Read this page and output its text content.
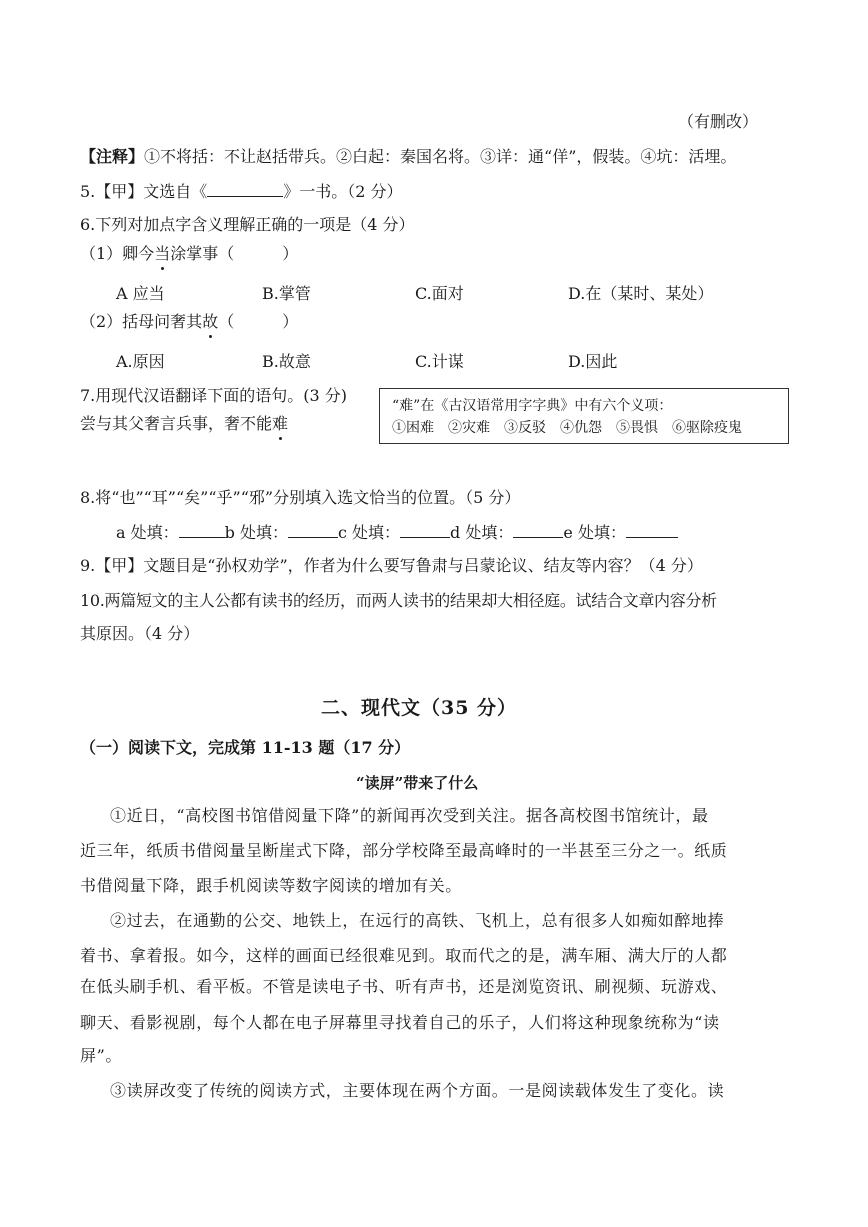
（有删改）
【注释】①不将括：不让赵括带兵。②白起：秦国名将。③详：通“佯”，假装。④坑：活埋。
5.【甲】文选自《	》一书。（2 分）
6.下列对加点字含义理解正确的一项是（4 分）
（1）卿今当涂掌事（　　　）
A 应当	B.掌管	C.面对	D.在（某时、某处）
（2）括母问奢其故（　　　）
A.原因	B.故意	C.计谋	D.因此
7.用现代汉语翻译下面的语句。(3 分)
尝与其父奢言兵事，奢不能难
“难”在《古汉语常用字字典》中有六个义项：
①困难　②灾难　③反驳　④仇怨　⑤畏惧　⑥驱除疫鬼
8.将“也”“耳”“矣”“乎”“邪”分别填入选文恰当的位置。（5 分）
a 处填：	b 处填：	c 处填：	d 处填：	e 处填：
9.【甲】文题目是“孙权劝学”，作者为什么要写鲁肃与吕蒙论议、结友等内容？（4 分）
10.两篇短文的主人公都有读书的经历，而两人读书的结果却大相径庭。试结合文章内容分析
其原因。（4 分）
二、现代文（35 分）
（一）阅读下文，完成第 11-13 题（17 分）
“读屏”带来了什么
①近日，“高校图书馆借阅量下降”的新闻再次受到关注。据各高校图书馆统计，最
近三年，纸质书借阅量呈断崖式下降，部分学校降至最高峰时的一半甚至三分之一。纸质
书借阅量下降，跟手机阅读等数字阅读的增加有关。
②过去，在通勤的公交、地铁上，在远行的高铁、飞机上，总有很多人如痴如醉地捧
着书、拿着报。如今，这样的画面已经很难见到。取而代之的是，满车厢、满大厅的人都
在低头刷手机、看平板。不管是读电子书、听有声书，还是浏览资讯、刷视频、玩游戏、
聊天、看影视剧，每个人都在电子屏幕里寻找着自己的乐子，人们将这种现象统称为“读
屏”。
③读屏改变了传统的阅读方式，主要体现在两个方面。一是阅读载体发生了变化。读
